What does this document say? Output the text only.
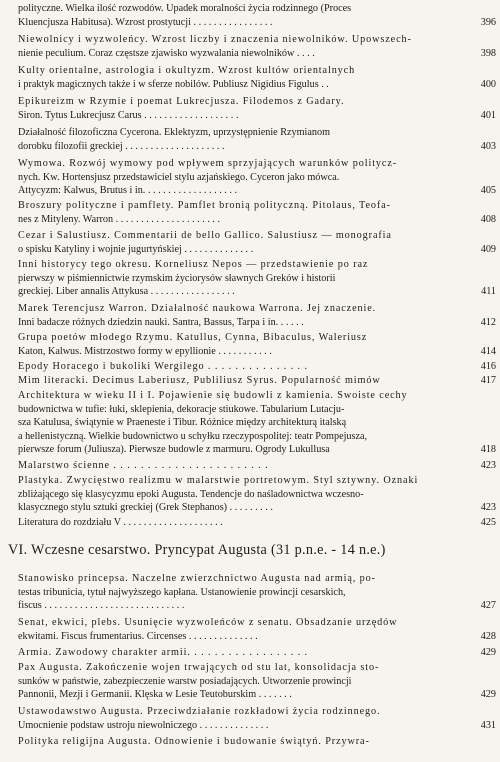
polityczne. Wielka ilość rozwodów. Upadek moralności życia rodzinnego (Proces
Kluencjusza Habitusa). Wzrost prostytucji . . . . . . . . . . . . . . . .	396
Niewolnicy i wyzwoleńcy. Wzrost liczby i znaczenia niewolników. Upowszech-
nienie peculium. Coraz częstsze zjawisko wyzwalania niewolników . . . .	398
Kulty orientalne, astrologia i okultyzm. Wzrost kultów orientalnych
i praktyk magicznych także i w sferze nobilów. Publiusz Nigidius Figulus . .	400
Epikureizm w Rzymie i poemat Lukrecjusza. Filodemos z Gadary.
Siron. Tytus Lukrecjusz Carus . . . . . . . . . . . . . . . . . . .	401
Działalność filozoficzna Cycerona. Eklektyzm, uprzystępnienie Rzymianom
dorobku filozofii greckiej . . . . . . . . . . . . . . . . . . . .	403
Wymowa. Rozwój wymowy pod wpływem sprzyjających warunków politycz-
nych. Kw. Hortensjusz przedstawiciel stylu azjańskiego. Cyceron jako mówca.
Attycyzm: Kalwus, Brutus i in. . . . . . . . . . . . . . . . . . .	405
Broszury polityczne i pamflety. Pamflet bronią polityczną. Pitolaus, Teofa-
nes z Mityleny. Warron . . . . . . . . . . . . . . . . . . . . .	408
Cezar i Salustiusz. Commentarii de bello Gallico. Salustiusz — monografia
o spisku Katyliny i wojnie jugurtyńskiej . . . . . . . . . . . . . .	409
Inni historycy tego okresu. Korneliusz Nepos — przedstawienie po raz
pierwszy w piśmiennictwie rzymskim życiorysów sławnych Greków i historii
greckiej. Liber annalis Attykusa . . . . . . . . . . . . . . . . .	411
Marek Terencjusz Warron. Działalność naukowa Warrona. Jej znaczenie.
Inni badacze różnych dziedzin nauki. Santra, Bassus, Tarpa i in. . . . . .	412
Grupa poetów młodego Rzymu. Katullus, Cynna, Bibaculus, Waleriusz
Katon, Kalwus. Mistrzostwo formy w epyllionie . . . . . . . . . . .	414
Epody Horacego i bukoliki Wergilego . . . . . . . . . . . . . . .	416
Mim literacki. Decimus Laberiusz, Publiliusz Syrus. Popularność mimów	417
Architektura w wieku II i I. Pojawienie się budowli z kamienia. Swoiste cechy
budownictwa w tufie: łuki, sklepienia, dekoracje stiukowe. Tabularium Lutacju-
sza Katulusa, świątynie w Praeneste i Tibur. Różnice między architekturą italską
a hellenistyczną. Wielkie budownictwo u schyłku rzeczypospolitej: teatr Pompejusza,
pierwsze forum (Juliusza). Pierwsze budowle z marmuru. Ogrody Lukullusa	418
Malarstwo ścienne . . . . . . . . . . . . . . . . . . . . . . .	423
Plastyka. Zwycięstwo realizmu w malarstwie portretowym. Styl sztywny. Oznaki
zbliżającego się klasycyzmu epoki Augusta. Tendencje do naśladownictwa wczesno-
klasycznego stylu sztuki greckiej (Grek Stephanos) . . . . . . . . .	423
Literatura do rozdziału V . . . . . . . . . . . . . . . . . . . .	425
VI. Wczesne cesarstwo. Pryncypat Augusta (31 p.n.e. - 14 n.e.)
Stanowisko princepsa. Naczelne zwierzchnictwo Augusta nad armią, po-
testas tribunicia, tytuł najwyższego kapłana. Ustanowienie prowincji cesarskich,
fiscus . . . . . . . . . . . . . . . . . . . . . . . . . . . .	427
Senat, ekwici, plebs. Usunięcie wyzwoleńców z senatu. Obsadzanie urzędów
ekwitami. Fiscus frumentarius. Circenses . . . . . . . . . . . . . .	428
Armia. Zawodowy charakter armii. . . . . . . . . . . . . . . . . .	429
Pax Augusta. Zakończenie wojen trwających od stu lat, konsolidacja sto-
sunków w państwie, zabezpieczenie warstw posiadających. Utworzenie prowincji
Pannonii, Mezji i Germanii. Klęska w Lesie Teutoburskim . . . . . . .	429
Ustawodawstwo Augusta. Przeciwdziałanie rozkładowi życia rodzinnego.
Umocnienie podstaw ustroju niewolniczego . . . . . . . . . . . . . .	431
Polityka religijna Augusta. Odnowienie i budowanie świątyń. Przywra-
